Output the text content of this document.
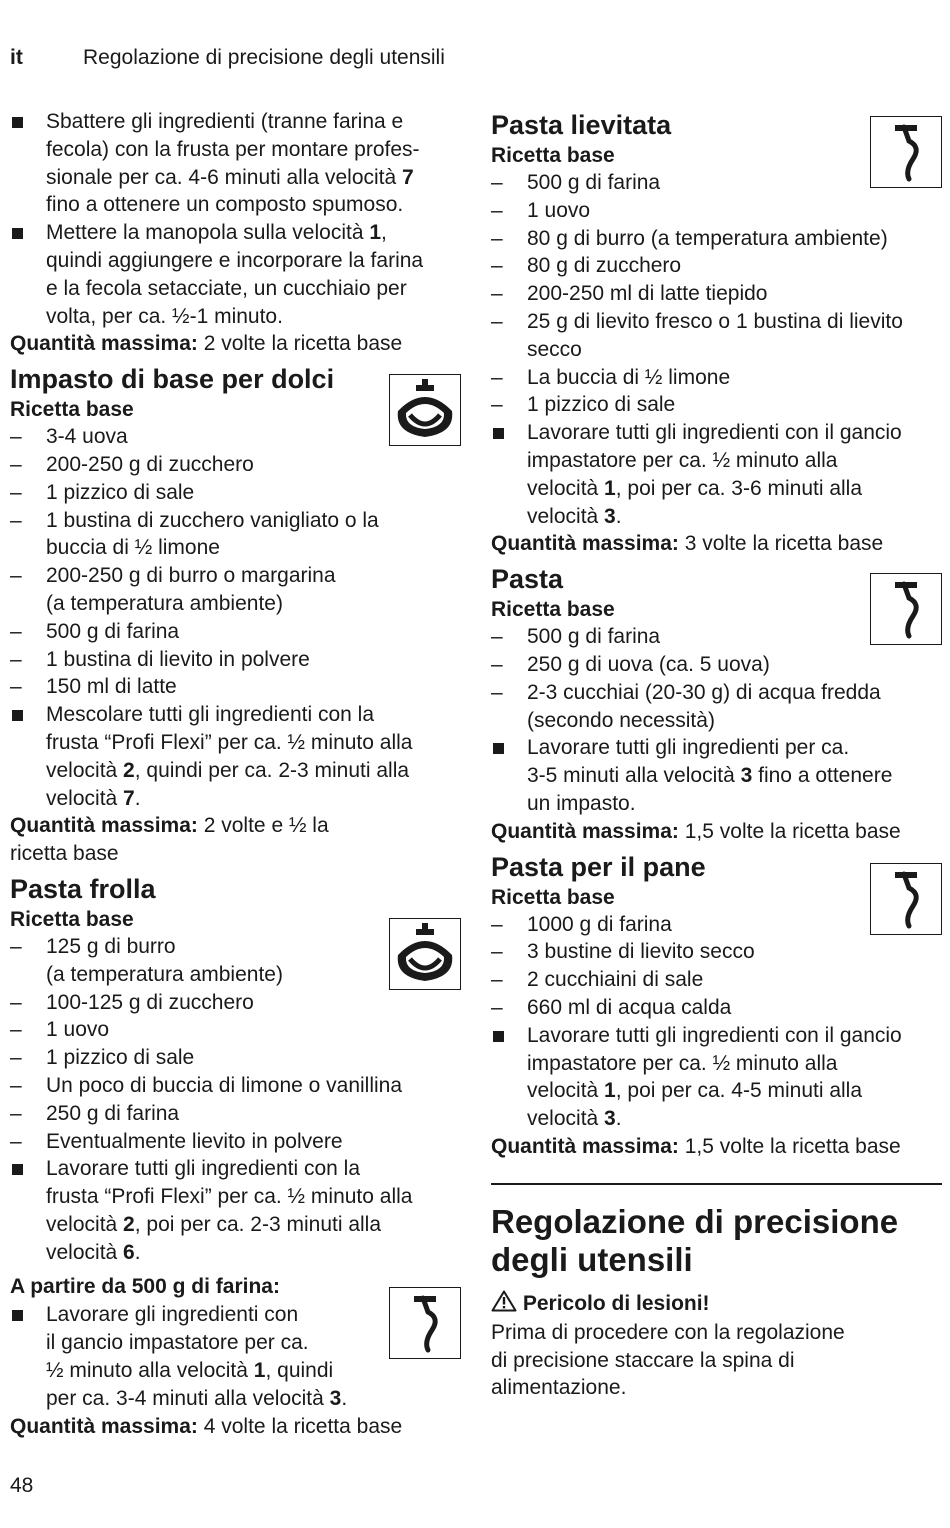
it	Regolazione di precisione degli utensili
Sbattere gli ingredienti (tranne farina e
fecola) con la frusta per montare profes-
sionale per ca. 4-6 minuti alla velocità 7
fino a ottenere un composto spumoso.
Mettere la manopola sulla velocità 1,
quindi aggiungere e incorporare la farina
e la fecola setacciate, un cucchiaio per
volta, per ca. ½-1 minuto.
Quantità massima: 2 volte la ricetta base
Impasto di base per dolci
Ricetta base
–	3-4 uova
–	200-250 g di zucchero
–	1 pizzico di sale
–	1 bustina di zucchero vanigliato o la
buccia di ½ limone
–	200-250 g di burro o margarina
(a temperatura ambiente)
–	500 g di farina
–	1 bustina di lievito in polvere
–	150 ml di latte
Mescolare tutti gli ingredienti con la
frusta “Profi Flexi” per ca. ½ minuto alla
velocità 2, quindi per ca. 2-3 minuti alla
velocità 7.
Quantità massima: 2 volte e ½ la
ricetta base
Pasta frolla
Ricetta base
–	125 g di burro
(a temperatura ambiente)
–	100-125 g di zucchero
–	1 uovo
–	1 pizzico di sale
–	Un poco di buccia di limone o vanillina
–	250 g di farina
–	Eventualmente lievito in polvere
Lavorare tutti gli ingredienti con la
frusta “Profi Flexi” per ca. ½ minuto alla
velocità 2, poi per ca. 2-3 minuti alla
velocità 6.
A partire da 500 g di farina:
Lavorare gli ingredienti con
il gancio impastatore per ca.
½ minuto alla velocità 1, quindi
per ca. 3-4 minuti alla velocità 3.
Quantità massima: 4 volte la ricetta base
Pasta lievitata
Ricetta base
–	500 g di farina
–	1 uovo
–	80 g di burro (a temperatura ambiente)
–	80 g di zucchero
–	200-250 ml di latte tiepido
–	25 g di lievito fresco o 1 bustina di lievito
secco
–	La buccia di ½ limone
–	1 pizzico di sale
Lavorare tutti gli ingredienti con il gancio
impastatore per ca. ½ minuto alla
velocità 1, poi per ca. 3-6 minuti alla
velocità 3.
Quantità massima: 3 volte la ricetta base
Pasta
Ricetta base
–	500 g di farina
–	250 g di uova (ca. 5 uova)
–	2-3 cucchiai (20-30 g) di acqua fredda
(secondo necessità)
Lavorare tutti gli ingredienti per ca.
3-5 minuti alla velocità 3 fino a ottenere
un impasto.
Quantità massima: 1,5 volte la ricetta base
Pasta per il pane
Ricetta base
–	1000 g di farina
–	3 bustine di lievito secco
–	2 cucchiaini di sale
–	660 ml di acqua calda
Lavorare tutti gli ingredienti con il gancio
impastatore per ca. ½ minuto alla
velocità 1, poi per ca. 4-5 minuti alla
velocità 3.
Quantità massima: 1,5 volte la ricetta base
Regolazione di precisione
degli utensili
Pericolo di lesioni!
Prima di procedere con la regolazione
di precisione staccare la spina di
alimentazione.
48
